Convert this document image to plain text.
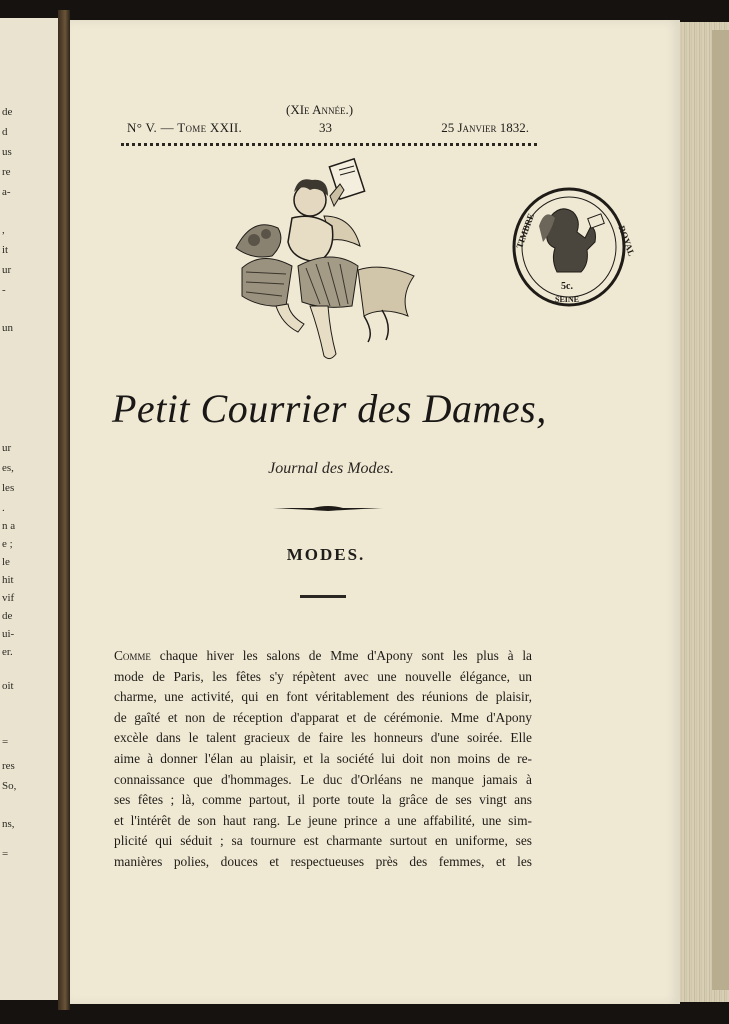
de
d
us
re
a-
,
it
ur
-
un
ur
es,
les
.
n a
e ;
le
hit
vif
de
ui-
er.
oit
=
res
So,
ns,
=
N° V. — Tome XXII.
(XIe Année.)
33	25 Janvier 1832.
TIMBRE	ROYAL
5c.
SEINE
Petit Courrier des Dames,
Journal des Modes.
MODES.
Comme chaque hiver les salons de Mme d'Apony sont les plus à la
mode de Paris, les fêtes s'y répètent avec une nouvelle élégance, un
charme, une activité, qui en font véritablement des réunions de plaisir,
de gaîté et non de réception d'apparat et de cérémonie. Mme d'Apony
excèle dans le talent gracieux de faire les honneurs d'une soirée. Elle
aime à donner l'élan au plaisir, et la société lui doit non moins de re-
connaissance que d'hommages. Le duc d'Orléans ne manque jamais à
ses fêtes ; là, comme partout, il porte toute la grâce de ses vingt ans
et l'intérêt de son haut rang. Le jeune prince a une affabilité, une sim-
plicité qui séduit ; sa tournure est charmante surtout en uniforme, ses
manières polies, douces et respectueuses près des femmes, et les
